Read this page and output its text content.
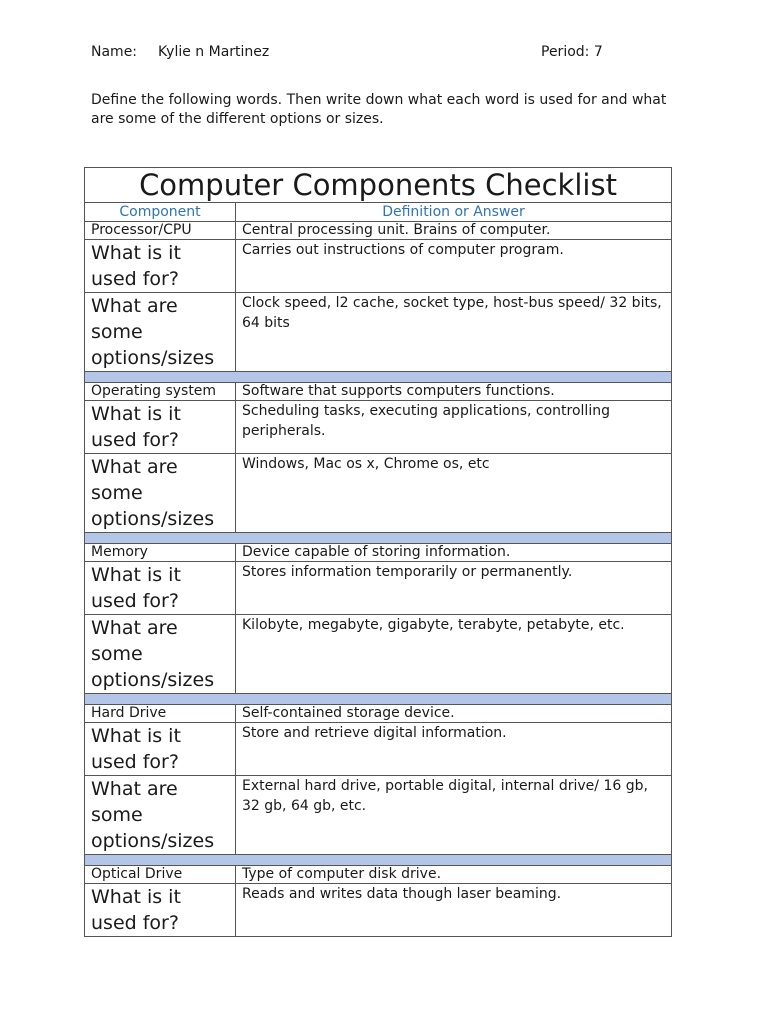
Name: Kylie n Martinez	Period: 7
Define the following words. Then write down what each word is used for and what are some of the different options or sizes.
Computer Components Checklist	
Component	Definition or Answer
Processor/CPU	Central processing unit. Brains of computer.
What is it used for?	Carries out instructions of computer program.
What are some options/sizes	Clock speed, l2 cache, socket type, host-bus speed/ 32 bits, 64 bits

Operating system	Software that supports computers functions.
What is it used for?	Scheduling tasks, executing applications, controlling peripherals.
What are some options/sizes	Windows, Mac os x, Chrome os, etc

Memory	Device capable of storing information.
What is it used for?	Stores information temporarily or permanently.
What are some options/sizes	Kilobyte, megabyte, gigabyte, terabyte, petabyte, etc.

Hard Drive	Self-contained storage device.
What is it used for?	Store and retrieve digital information.
What are some options/sizes	External hard drive, portable digital, internal drive/ 16 gb, 32 gb, 64 gb, etc.

Optical Drive	Type of computer disk drive.
What is it used for?	Reads and writes data though laser beaming.
